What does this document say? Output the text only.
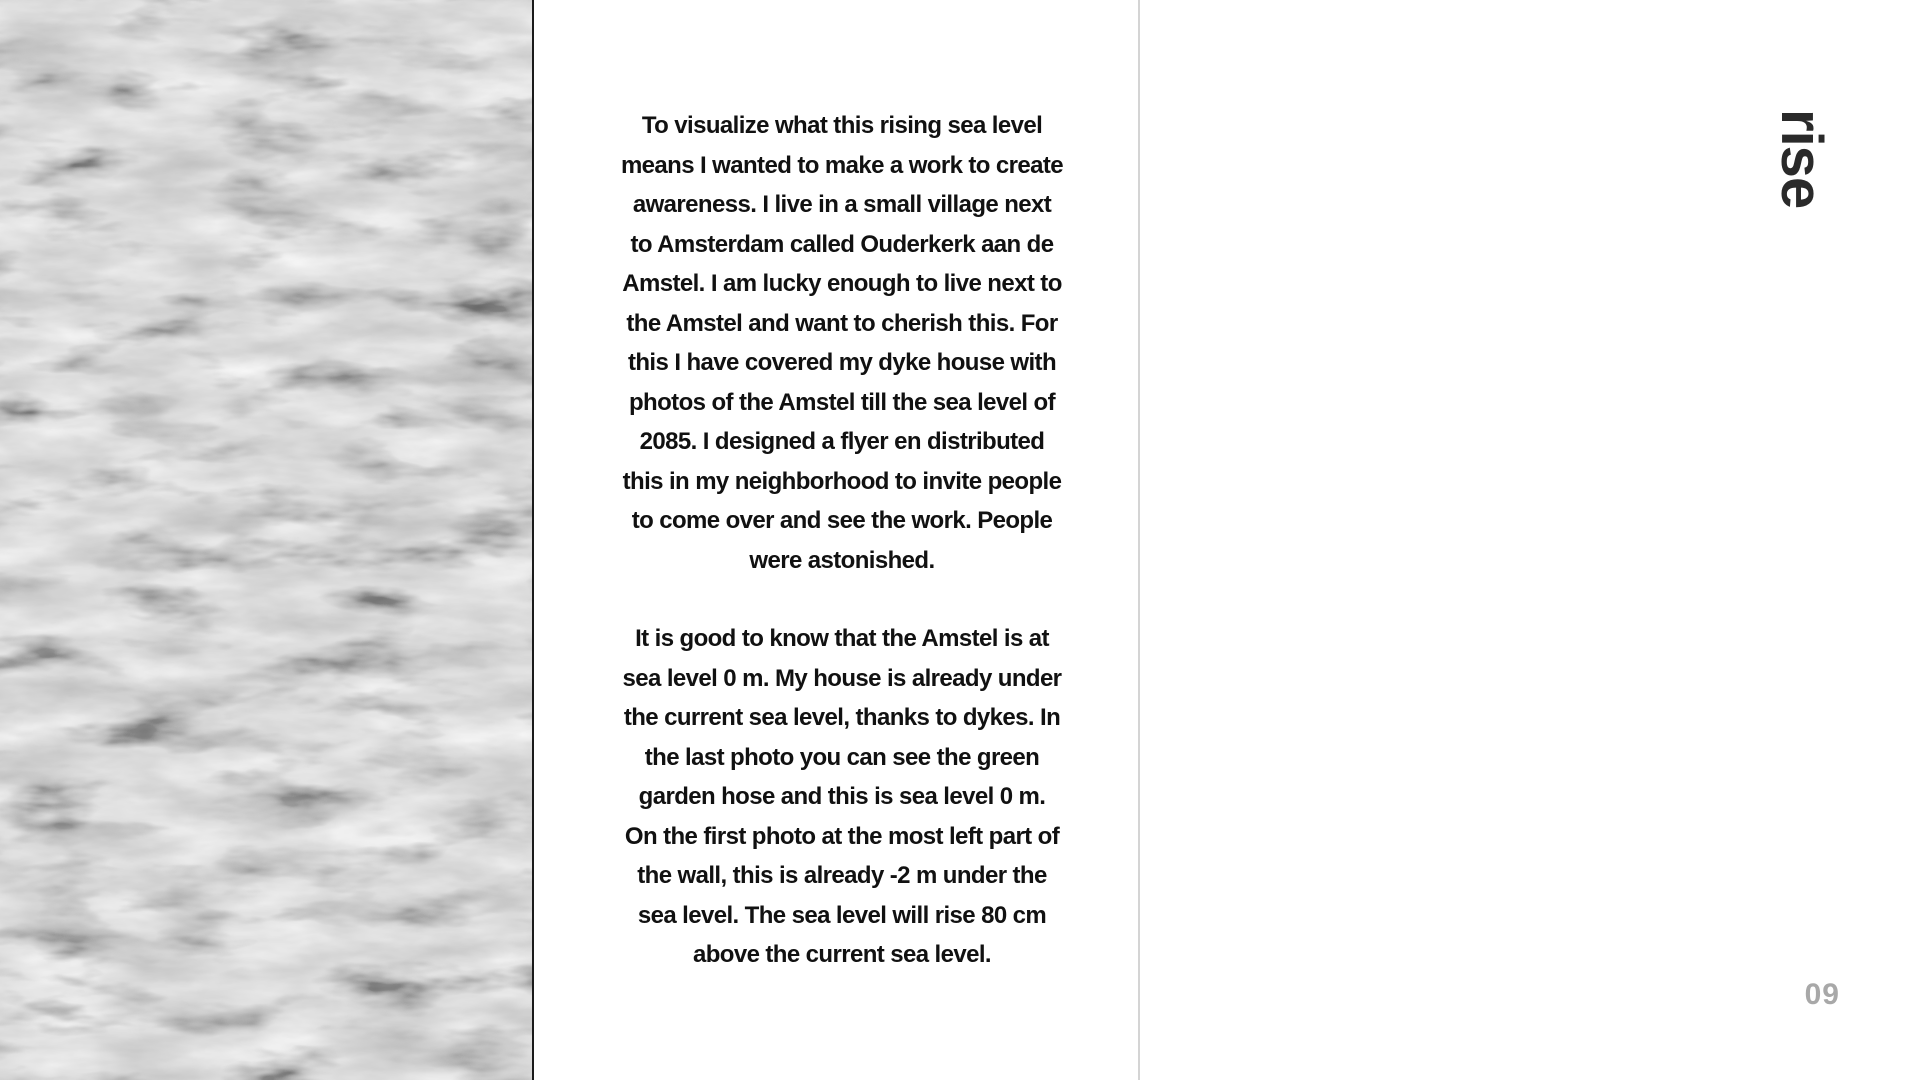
To visualize what this rising sea level means I wanted to make a work to create awareness. I live in a small village next to Amsterdam called Ouderkerk aan de Amstel. I am lucky enough to live next to the Amstel and want to cherish this. For this I have covered my dyke house with photos of the Amstel till the sea level of 2085. I designed a flyer en distributed this in my neighborhood to invite people to come over and see the work. People were astonished.

It is good to know that the Amstel is at sea level 0 m. My house is already under the current sea level, thanks to dykes. In the last photo you can see the green garden hose and this is sea level 0 m. On the first photo at the most left part of the wall, this is already -2 m under the sea level. The sea level will rise 80 cm above the current sea level.

rise
09
